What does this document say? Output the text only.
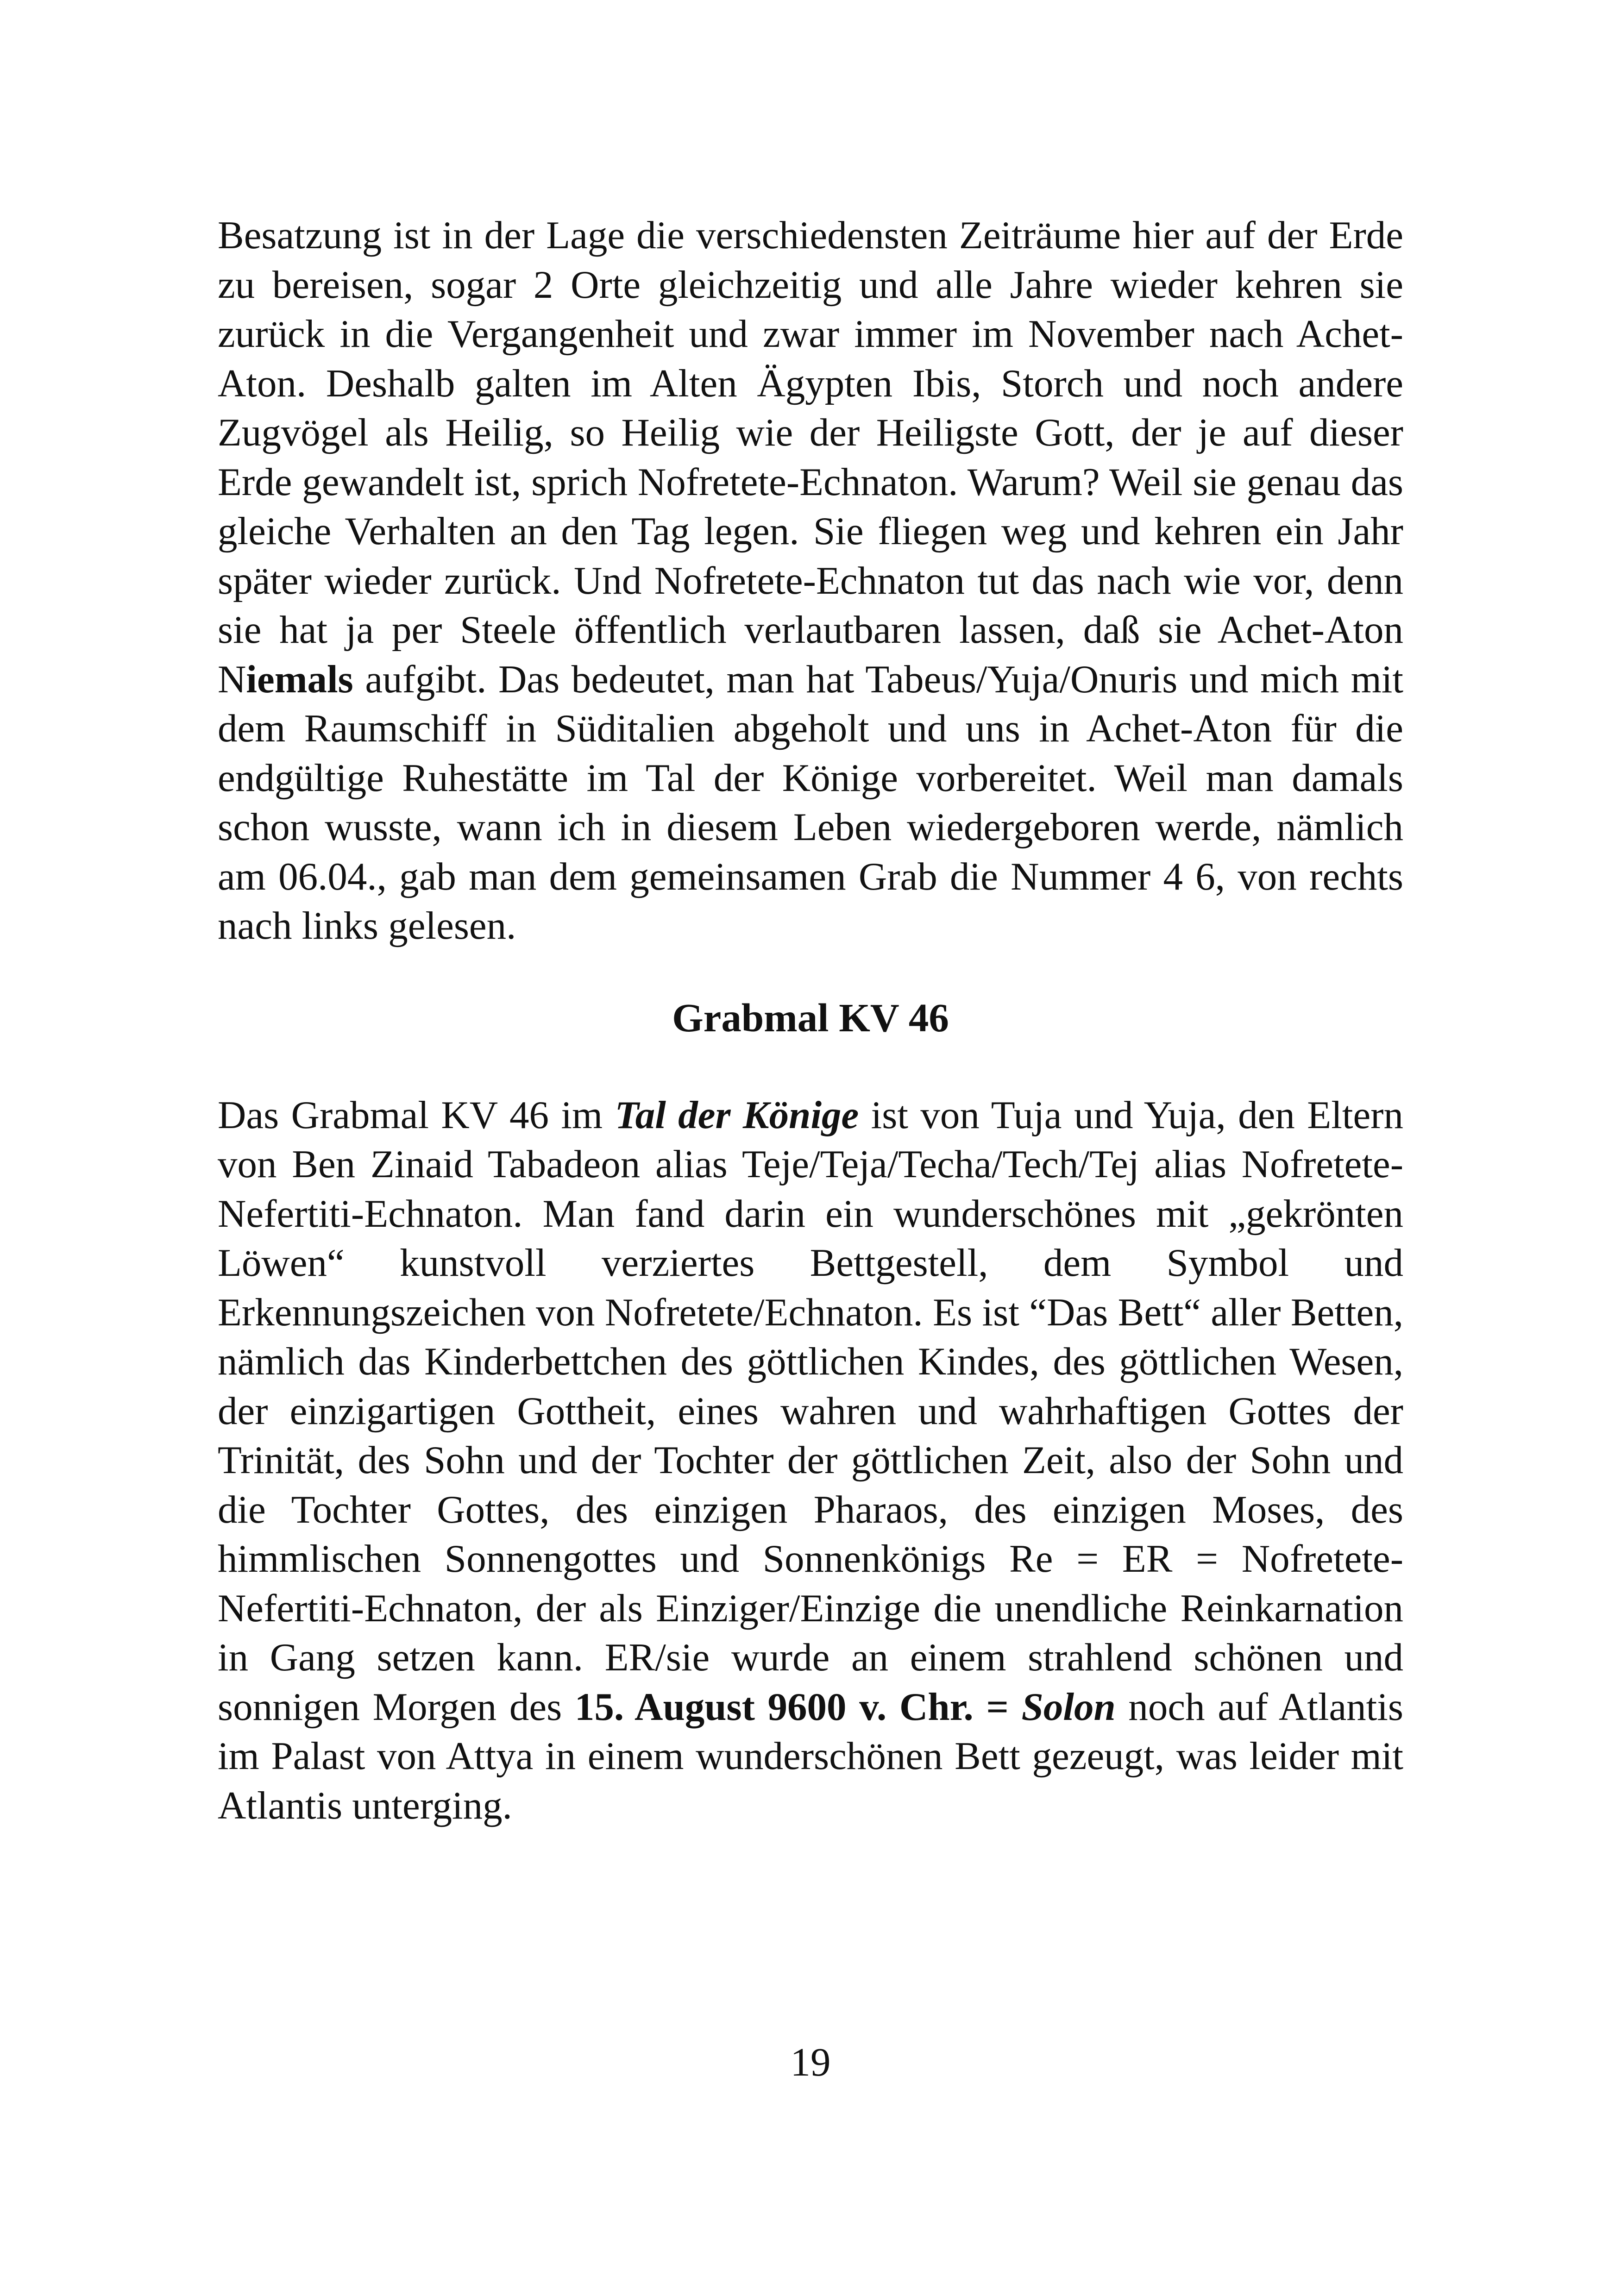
Besatzung ist in der Lage die verschiedensten Zeiträume hier auf der Erde zu bereisen, sogar 2 Orte gleichzeitig und alle Jahre wieder kehren sie zurück in die Vergangenheit und zwar immer im November nach Achet-Aton. Deshalb galten im Alten Ägypten Ibis, Storch und noch andere Zugvögel als Heilig, so Heilig wie der Heiligste Gott, der je auf dieser Erde gewandelt ist, sprich Nofretete-Echnaton. Warum? Weil sie genau das gleiche Verhalten an den Tag legen. Sie fliegen weg und kehren ein Jahr später wieder zurück. Und Nofretete-Echnaton tut das nach wie vor, denn sie hat ja per Steele öffentlich verlautbaren lassen, daß sie Achet-Aton Niemals aufgibt. Das bedeutet, man hat Tabeus/Yuja/Onuris und mich mit dem Raumschiff in Süditalien abgeholt und uns in Achet-Aton für die endgültige Ruhestätte im Tal der Könige vorbereitet. Weil man damals schon wusste, wann ich in diesem Leben wiedergeboren werde, nämlich am 06.04., gab man dem gemeinsamen Grab die Nummer 4 6, von rechts nach links gelesen.

Grabmal KV 46

Das Grabmal KV 46 im Tal der Könige ist von Tuja und Yuja, den Eltern von Ben Zinaid Tabadeon alias Teje/Teja/Techa/Tech/Tej alias Nofretete-Nefertiti-Echnaton. Man fand darin ein wunderschönes mit „gekrönten Löwen“ kunstvoll verziertes Bettgestell, dem Symbol und Erkennungszeichen von Nofretete/Echnaton. Es ist “Das Bett“ aller Betten, nämlich das Kinderbettchen des göttlichen Kindes, des göttlichen Wesen, der einzigartigen Gottheit, eines wahren und wahrhaftigen Gottes der Trinität, des Sohn und der Tochter der göttlichen Zeit, also der Sohn und die Tochter Gottes, des einzigen Pharaos, des einzigen Moses, des himmlischen Sonnengottes und Sonnenkönigs Re = ER = Nofretete-Nefertiti-Echnaton, der als Einziger/Einzige die unendliche Reinkarnation in Gang setzen kann. ER/sie wurde an einem strahlend schönen und sonnigen Morgen des 15. August 9600 v. Chr. = Solon noch auf Atlantis im Palast von Attya in einem wunderschönen Bett gezeugt, was leider mit Atlantis unterging.

19
